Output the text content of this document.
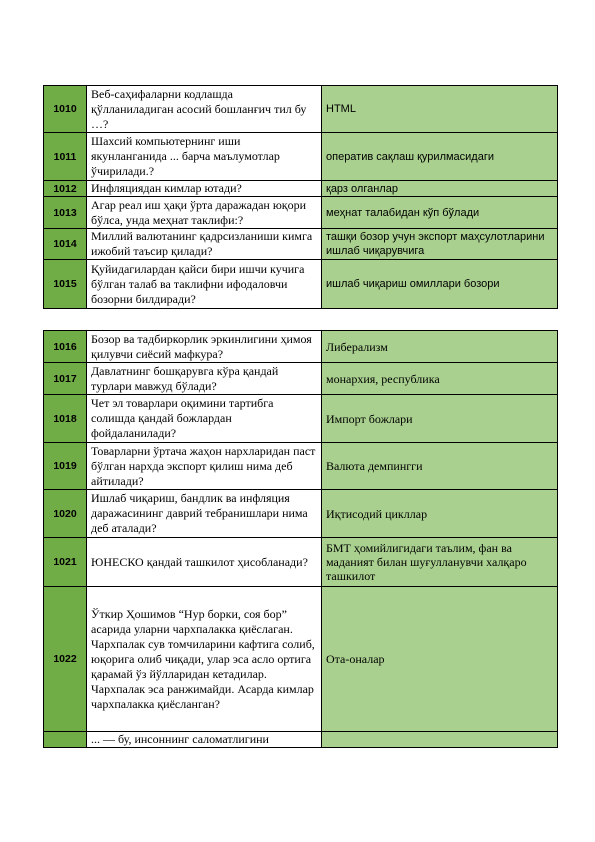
1010	Веб-саҳифаларни кодлашда қўлланиладиган асосий бошланғич тил бу …?	HTML
1011	Шахсий компьютернинг иши якунланганида ... барча маълумотлар ўчирилади.?	оператив сақлаш қурилмасидаги
1012	Инфляциядан кимлар ютади?	қарз олганлар
1013	Агар реал иш ҳақи ўрта даражадан юқори бўлса, унда меҳнат таклифи:?	меҳнат талабидан кўп бўлади
1014	Миллий валютанинг қадрсизланиши кимга ижобий таъсир қилади?	ташқи бозор учун экспорт маҳсулотларини ишлаб чиқарувчига
1015	Қуйидагилардан қайси бири ишчи кучига бўлган талаб ва таклифни ифодаловчи бозорни билдиради?	ишлаб чиқариш омиллари бозори
1016	Бозор ва тадбиркорлик эркинлигини ҳимоя қилувчи сиёсий мафкура?	Либерализм
1017	Давлатнинг бошқарувга кўра қандай турлари мавжуд бўлади?	монархия, республика
1018	Чет эл товарлари оқимини тартибга солишда қандай божлардан фойдаланилади?	Импорт божлари
1019	Товарларни ўртача жаҳон нархларидан паст бўлган нархда экспорт қилиш нима деб айтилади?	Валюта демпингги
1020	Ишлаб чиқариш, бандлик ва инфляция даражасининг даврий тебранишлари нима деб аталади?	Иқтисодий цикллар
1021	ЮНЕСКО қандай ташкилот ҳисобланади?	БМТ ҳомийлигидаги таълим, фан ва маданият билан шуғулланувчи халқаро ташкилот
1022	Ўткир Ҳошимов “Нур борки, соя бор” асарида уларни чархпалакка қиёслаган. Чархпалак сув томчиларини кафтига солиб, юқорига олиб чиқади, улар эса асло ортига қарамай ўз йўлларидан кетадилар. Чархпалак эса ранжимайди. Асарда кимлар чархпалакка қиёсланган?	Ота-оналар
	... — бу, инсоннинг саломатлигини	
